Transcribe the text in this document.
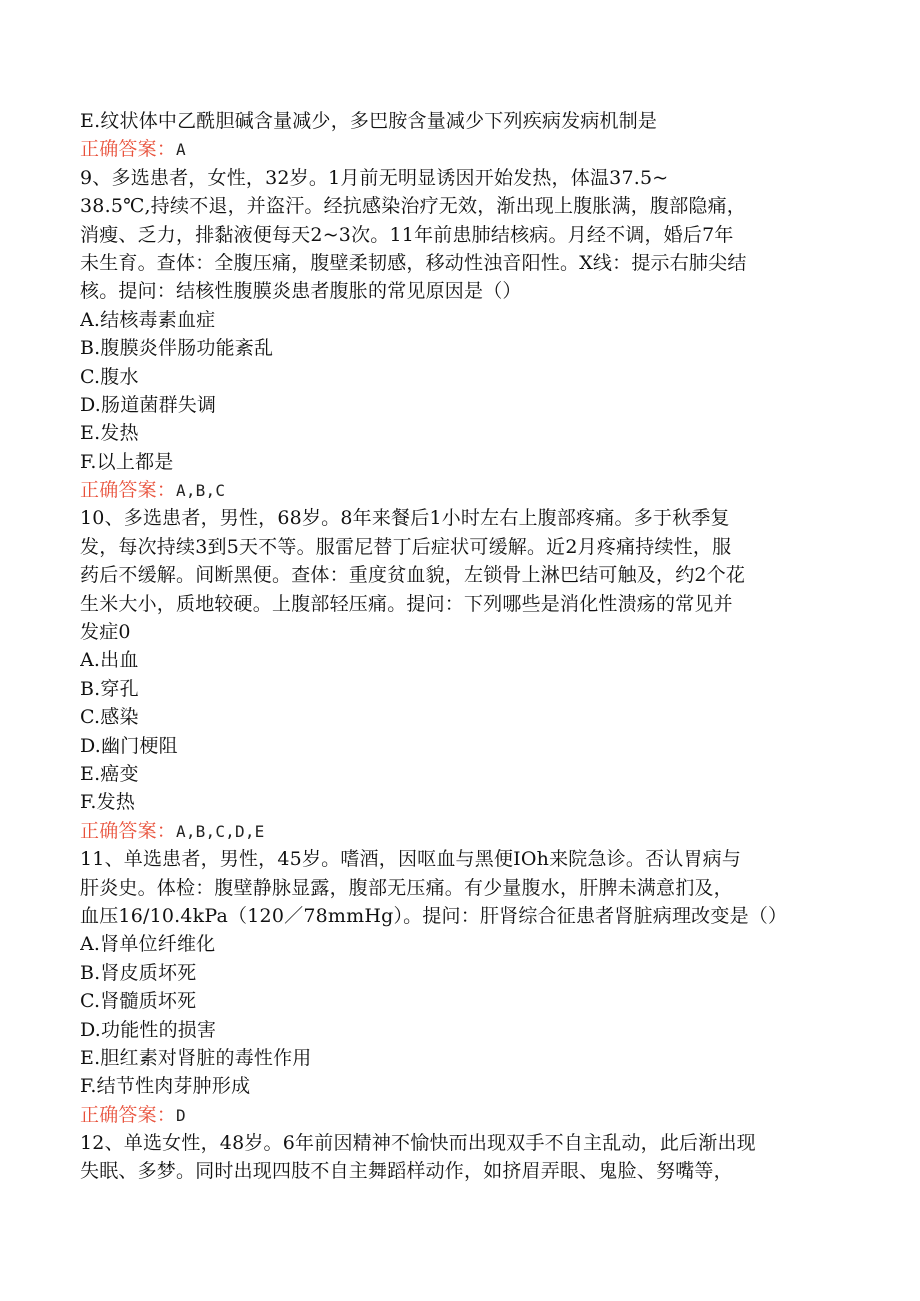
E.纹状体中乙酰胆碱含量减少，多巴胺含量减少下列疾病发病机制是
正确答案：A
9、多选患者，女性，32岁。1月前无明显诱因开始发热，体温37.5~
38.5℃,持续不退，并盗汗。经抗感染治疗无效，渐出现上腹胀满，腹部隐痛，
消瘦、乏力，排黏液便每天2~3次。11年前患肺结核病。月经不调，婚后7年
未生育。查体：全腹压痛，腹壁柔韧感，移动性浊音阳性。X线：提示右肺尖结
核。提问：结核性腹膜炎患者腹胀的常见原因是（）
A.结核毒素血症
B.腹膜炎伴肠功能紊乱
C.腹水
D.肠道菌群失调
E.发热
F.以上都是
正确答案：A,B,C
10、多选患者，男性，68岁。8年来餐后1小时左右上腹部疼痛。多于秋季复
发，每次持续3到5天不等。服雷尼替丁后症状可缓解。近2月疼痛持续性，服
药后不缓解。间断黑便。查体：重度贫血貌，左锁骨上淋巴结可触及，约2个花
生米大小，质地较硬。上腹部轻压痛。提问：下列哪些是消化性溃疡的常见并
发症0
A.出血
B.穿孔
C.感染
D.幽门梗阻
E.癌变
F.发热
正确答案：A,B,C,D,E
11、单选患者，男性，45岁。嗜酒，因呕血与黑便IOh来院急诊。否认胃病与
肝炎史。体检：腹壁静脉显露，腹部无压痛。有少量腹水，肝脾未满意扪及，
血压16/10.4kPa（120／78mmHg）。提问：肝肾综合征患者肾脏病理改变是（）
A.肾单位纤维化
B.肾皮质坏死
C.肾髓质坏死
D.功能性的损害
E.胆红素对肾脏的毒性作用
F.结节性肉芽肿形成
正确答案：D
12、单选女性，48岁。6年前因精神不愉快而出现双手不自主乱动，此后渐出现
失眠、多梦。同时出现四肢不自主舞蹈样动作，如挤眉弄眼、鬼脸、努嘴等，
